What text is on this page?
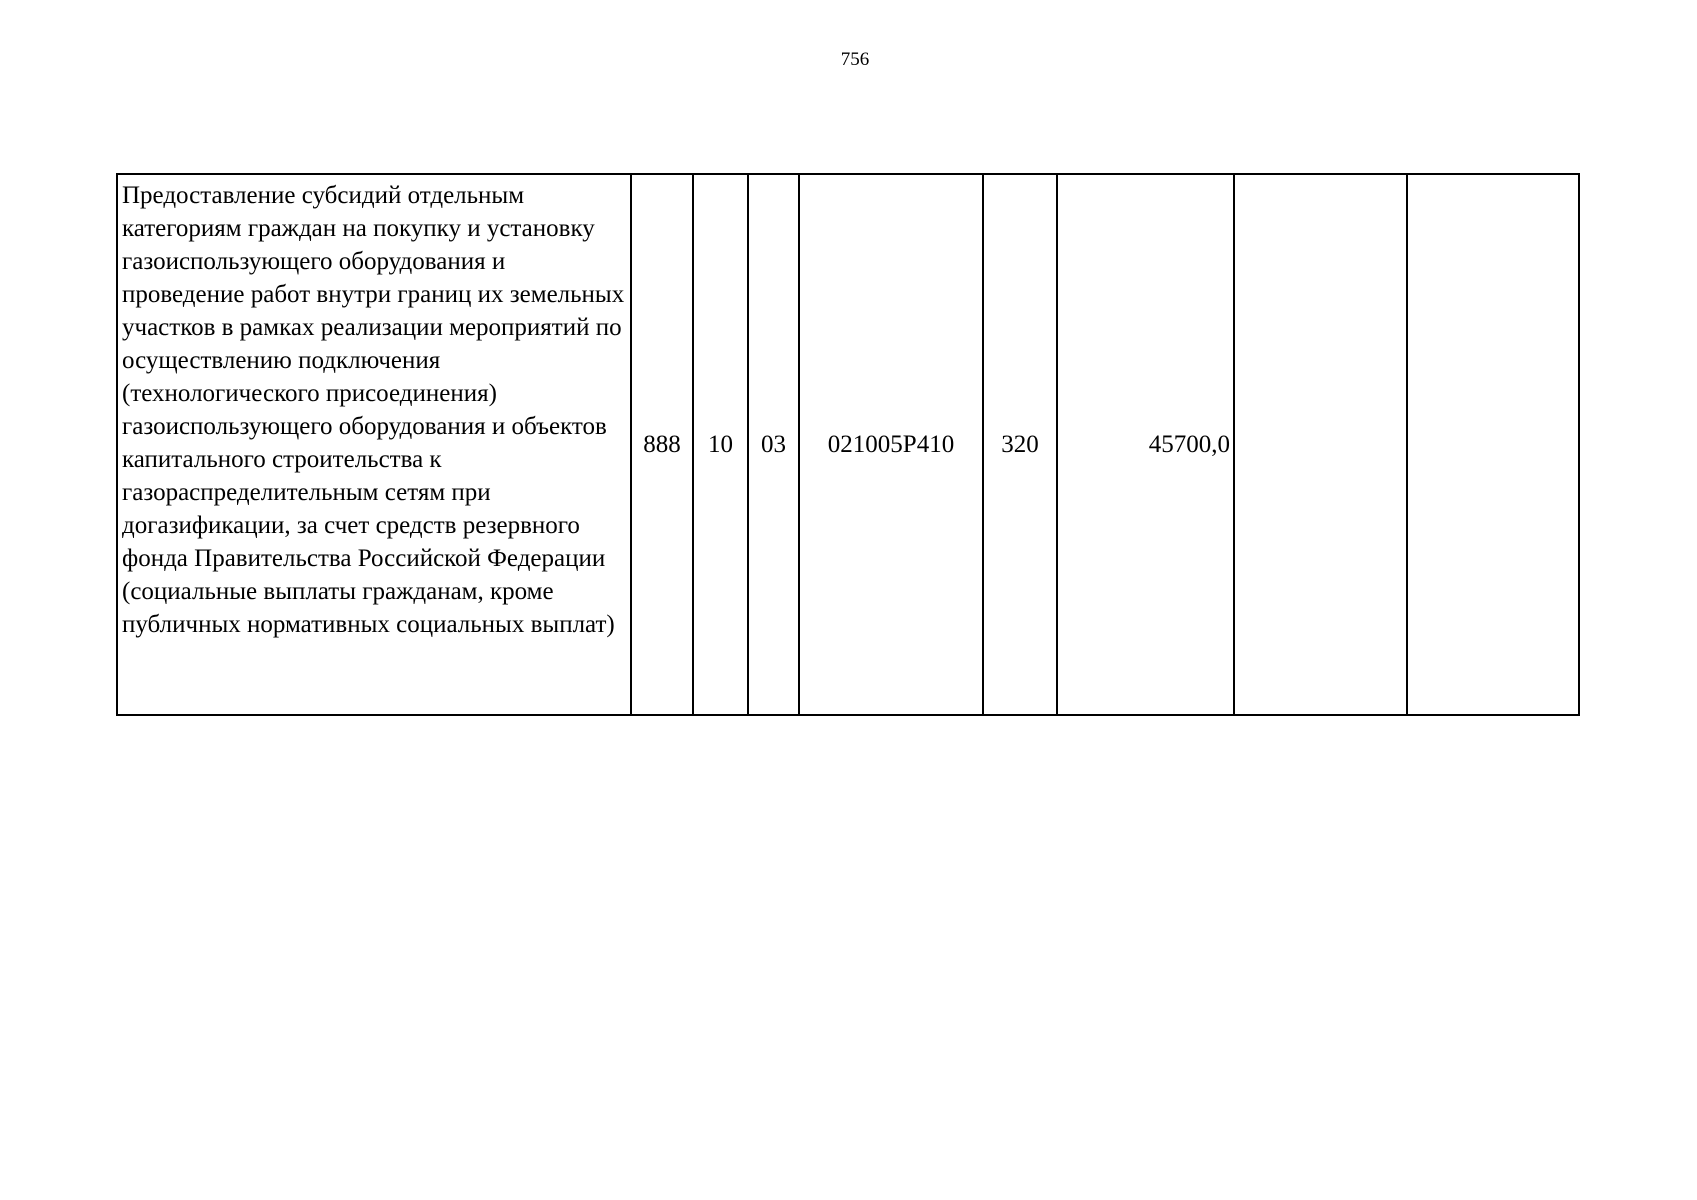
756
Предоставление субсидий отдельным категориям граждан на покупку и установку газоиспользующего оборудования и проведение работ внутри границ их земельных участков в рамках реализации мероприятий по осуществлению подключения (технологического присоединения) газоиспользующего оборудования и объектов капитального строительства к газораспределительным сетям при догазификации, за счет средств резервного фонда Правительства Российской Федерации (социальные выплаты гражданам, кроме публичных нормативных социальных выплат)	888	10	03	021005Р410	320	45700,0		
